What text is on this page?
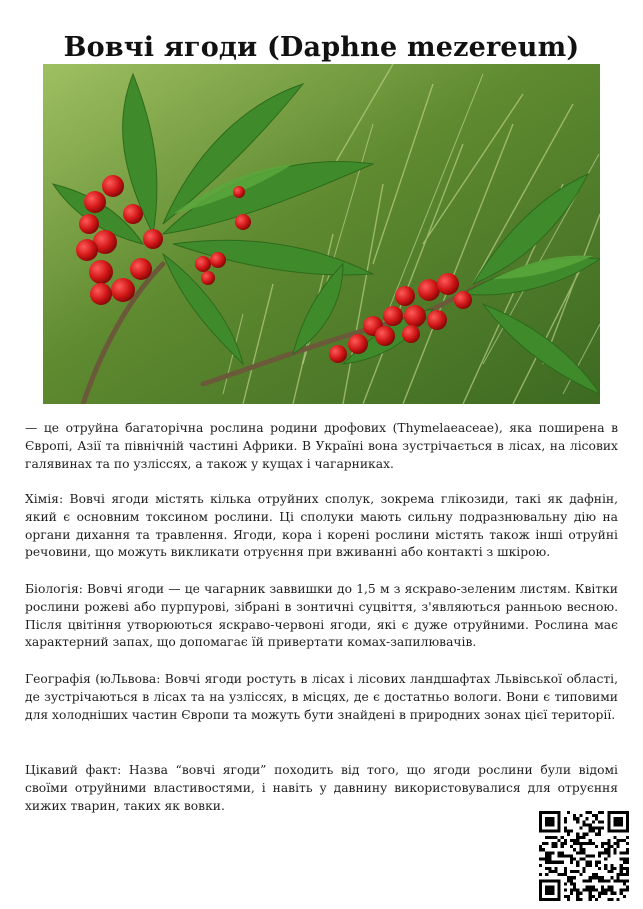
Вовчі ягоди (Daphne mezereum)

— це отруйна багаторічна рослина родини дрофових (Thymelaeaceae), яка поширена в Європі, Азії та північній частині Африки. В Україні вона зустрічається в лісах, на лісових галявинах та по узліссях, а також у кущах і чагарниках.

Хімія: Вовчі ягоди містять кілька отруйних сполук, зокрема глікозиди, такі як дафнін, який є основним токсином рослини. Ці сполуки мають сильну подразнювальну дію на органи дихання та травлення. Ягоди, кора і корені рослини містять також інші отруйні речовини, що можуть викликати отруєння при вживанні або контакті з шкірою.

Біологія: Вовчі ягоди — це чагарник заввишки до 1,5 м з яскраво-зеленим листям. Квітки рослини рожеві або пурпурові, зібрані в зонтичні суцвіття, з'являються ранньою весною. Після цвітіння утворюються яскраво-червоні ягоди, які є дуже отруйними. Рослина має характерний запах, що допомагає їй привертати комах-запилювачів.

Географія (юЛьвова: Вовчі ягоди ростуть в лісах і лісових ландшафтах Львівської області, де зустрічаються в лісах та на узліссях, в місцях, де є достатньо вологи. Вони є типовими для холодніших частин Європи та можуть бути знайдені в природних зонах цієї території.

Цікавий факт: Назва “вовчі ягоди” походить від того, що ягоди рослини були відомі своїми отруйними властивостями, і навіть у давнину використовувалися для отруєння хижих тварин, таких як вовки.
